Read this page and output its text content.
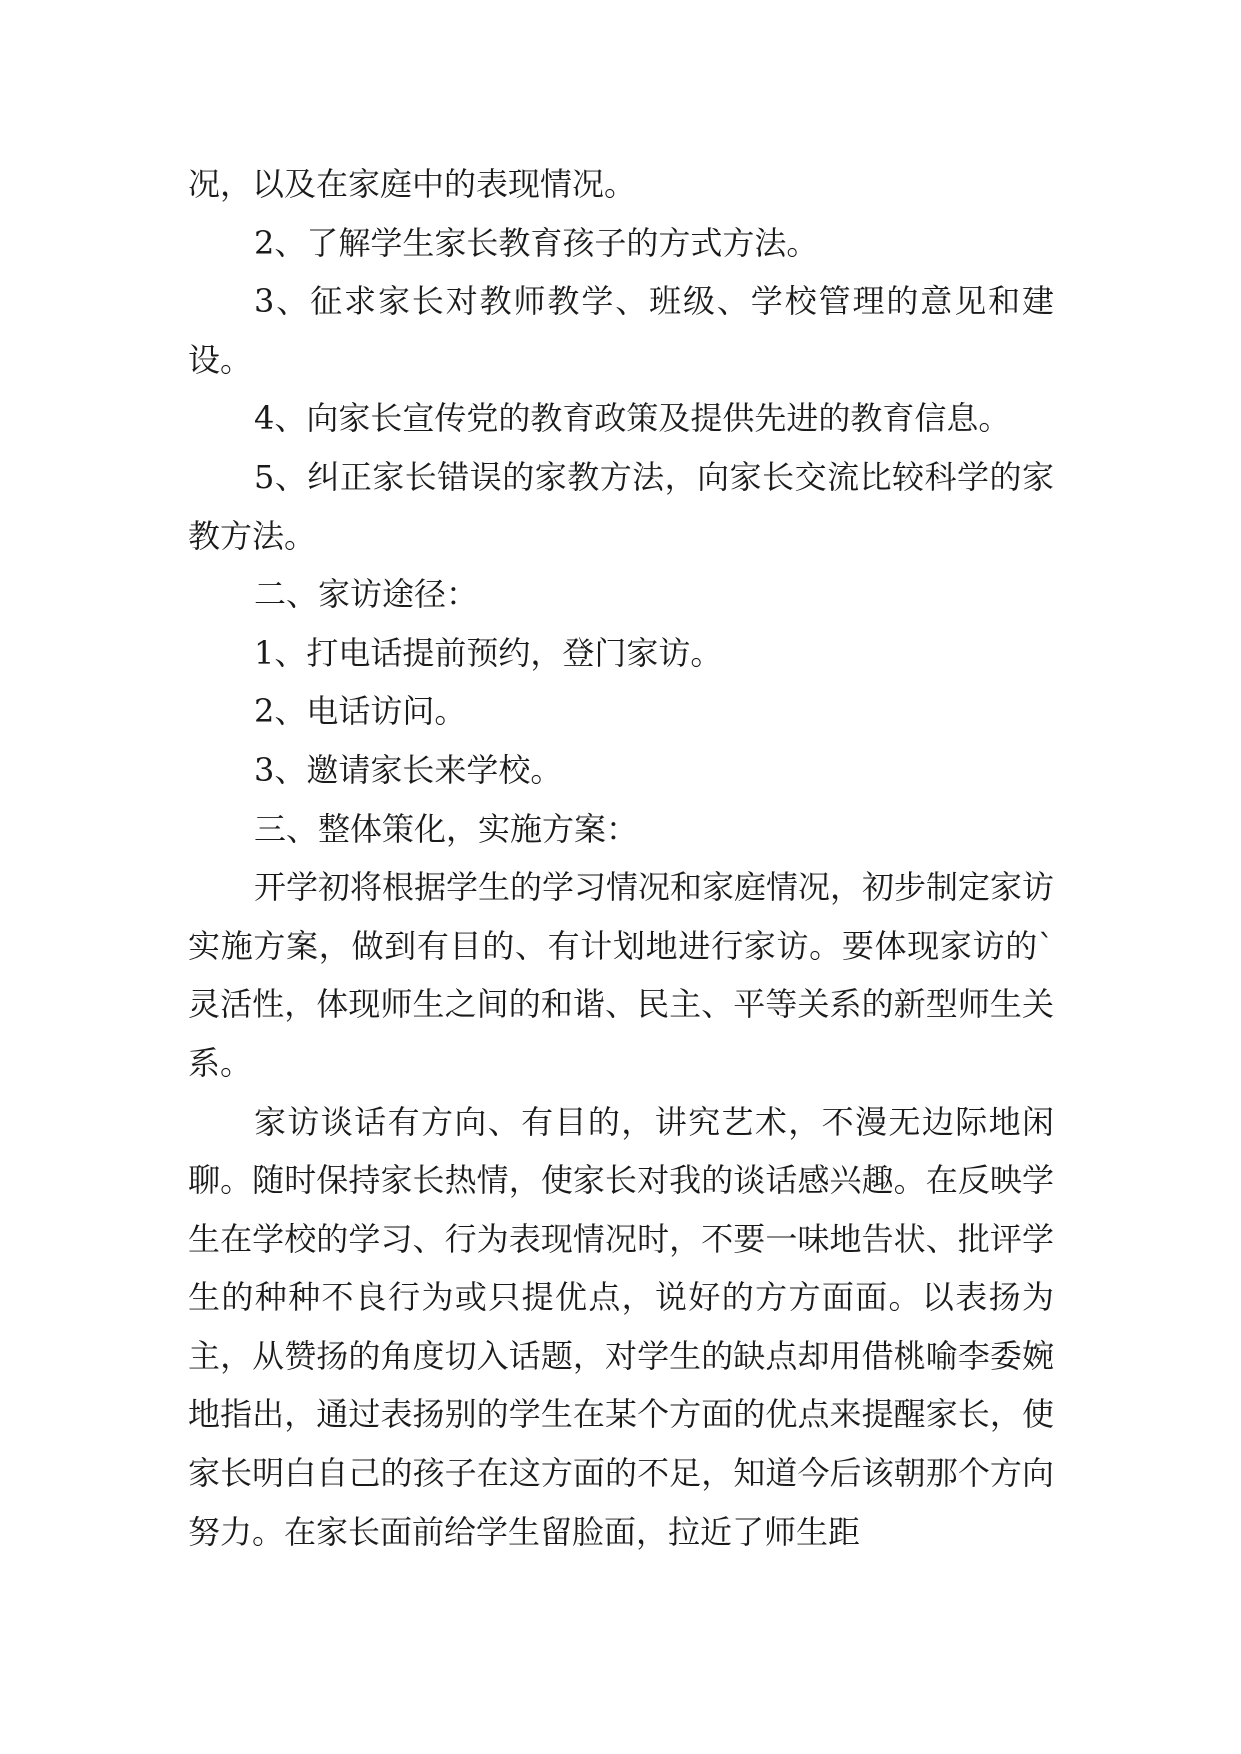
况，以及在家庭中的表现情况。

2、了解学生家长教育孩子的方式方法。

3、征求家长对教师教学、班级、学校管理的意见和建设。

4、向家长宣传党的教育政策及提供先进的教育信息。

5、纠正家长错误的家教方法，向家长交流比较科学的家教方法。

二、家访途径：

1、打电话提前预约，登门家访。

2、电话访问。

3、邀请家长来学校。

三、整体策化，实施方案：

开学初将根据学生的学习情况和家庭情况，初步制定家访实施方案，做到有目的、有计划地进行家访。要体现家访的`灵活性，体现师生之间的和谐、民主、平等关系的新型师生关系。

家访谈话有方向、有目的，讲究艺术，不漫无边际地闲聊。随时保持家长热情，使家长对我的谈话感兴趣。在反映学生在学校的学习、行为表现情况时，不要一味地告状、批评学生的种种不良行为或只提优点，说好的方方面面。以表扬为主，从赞扬的角度切入话题，对学生的缺点却用借桃喻李委婉地指出，通过表扬别的学生在某个方面的优点来提醒家长，使家长明白自己的孩子在这方面的不足，知道今后该朝那个方向努力。在家长面前给学生留脸面，拉近了师生距
